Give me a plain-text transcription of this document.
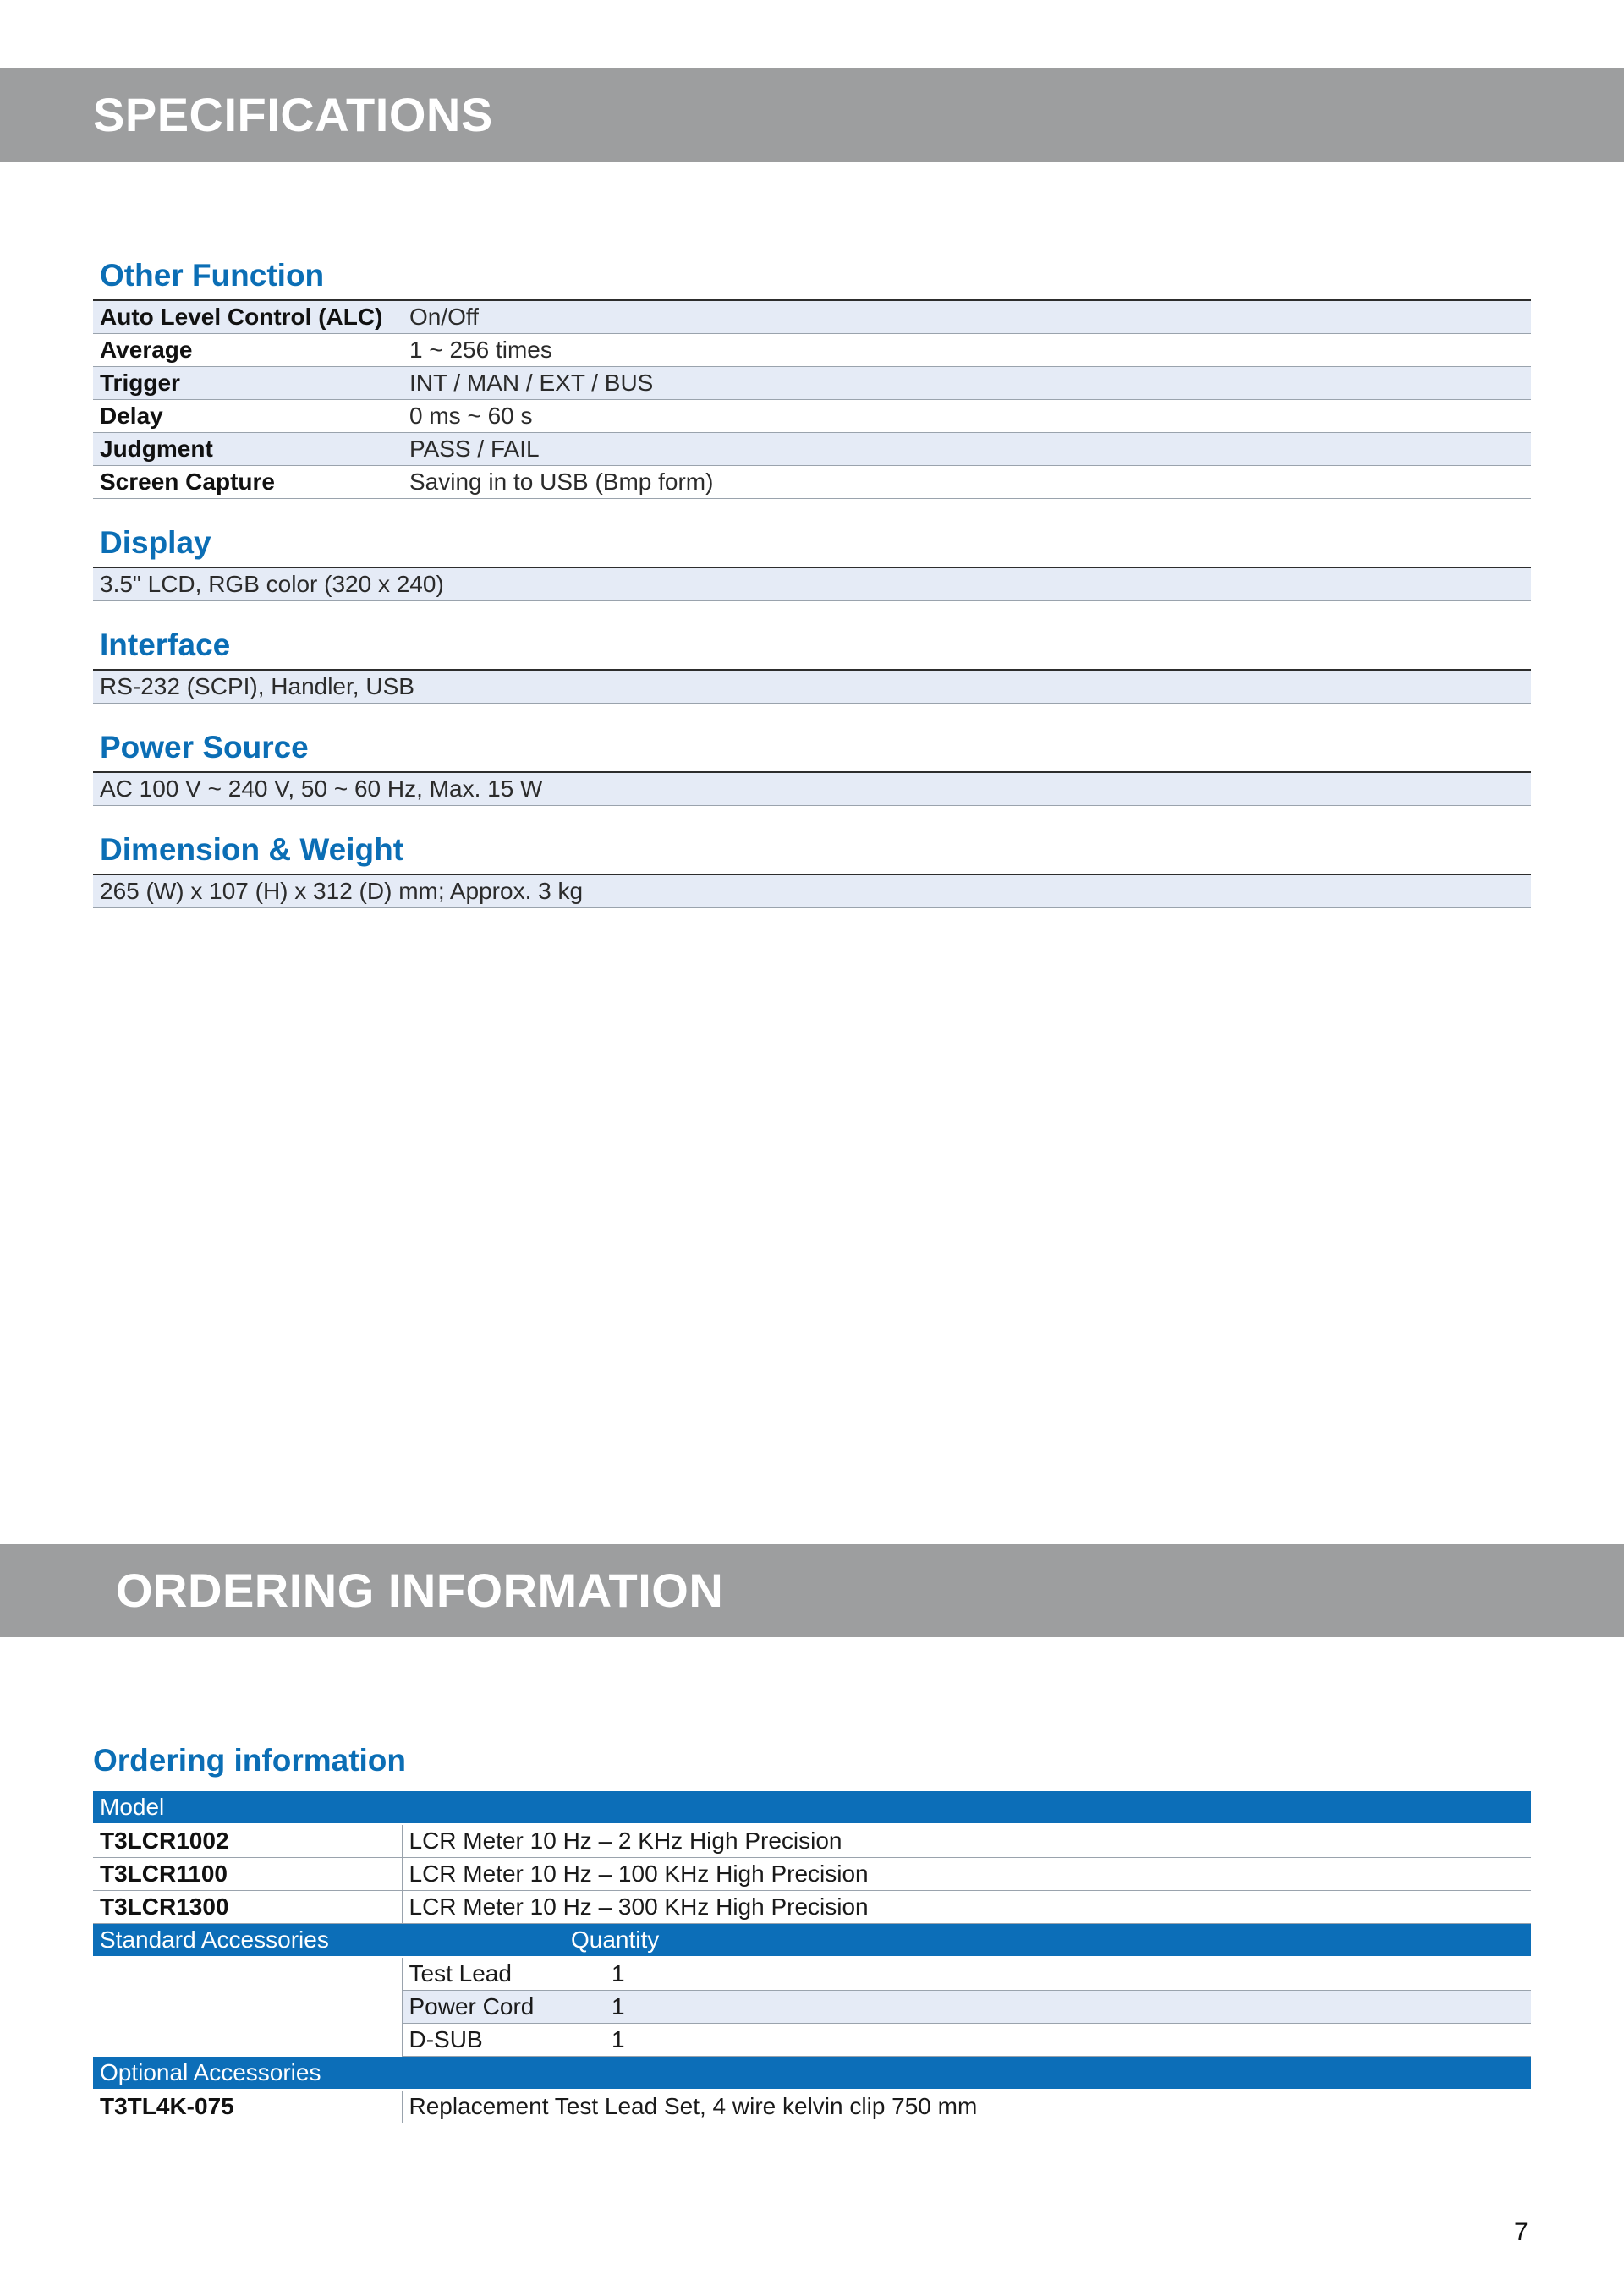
SPECIFICATIONS
Other Function
Auto Level Control (ALC)	On/Off
Average	1 ~ 256 times
Trigger	INT / MAN / EXT / BUS
Delay	0 ms ~ 60 s
Judgment	PASS / FAIL
Screen Capture	Saving in to USB (Bmp form)
Display
3.5" LCD, RGB color (320 x 240)
Interface
RS-232 (SCPI), Handler, USB
Power Source
AC 100 V ~ 240 V, 50 ~ 60 Hz, Max. 15 W
Dimension & Weight
265 (W) x 107 (H) x 312 (D) mm; Approx. 3 kg
ORDERING INFORMATION
Ordering information
Model		
T3LCR1002	LCR Meter 10 Hz – 2 KHz High Precision	
T3LCR1100	LCR Meter 10 Hz – 100 KHz High Precision	
T3LCR1300	LCR Meter 10 Hz – 300 KHz High Precision	
Standard Accessories	Quantity	
	Test Lead	1
	Power Cord	1
	D-SUB	1
Optional Accessories		
T3TL4K-075	Replacement Test Lead Set, 4 wire kelvin clip 750 mm	
7
